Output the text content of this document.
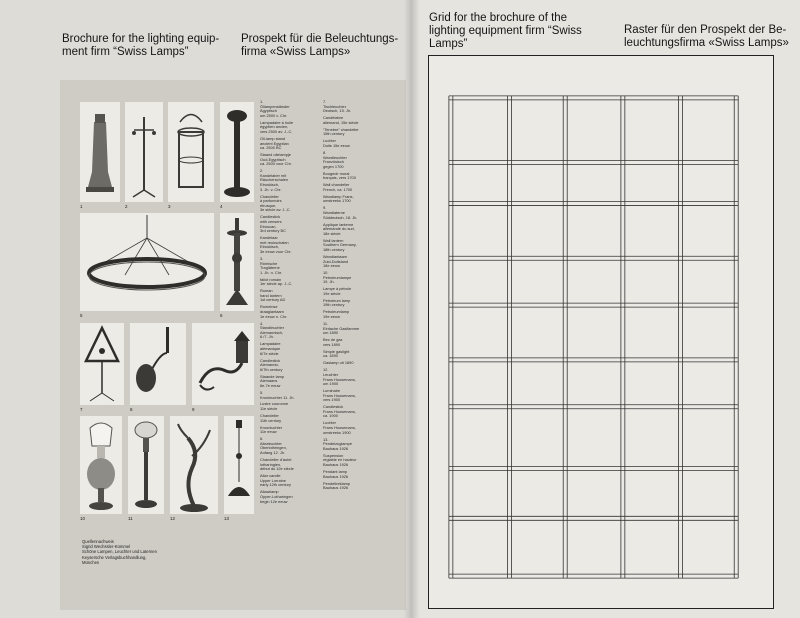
Brochure for the lighting equip-
ment firm “Swiss Lamps”
Prospekt für die Beleuchtungs-
firma «Swiss Lamps»
1	2	3	4
5	6
7	8	9
10	11	12	13
1.
Öllampenständer
Ägyptisch
um 2500 v. Chr.
Lampadaire à huile
égyptien ancien,
vers 2500 av. J.-C.
Oil-lamp stand
ancient Egyptian
ca. 2500 BC
Staand olielampje
Oud-Egyptisch
ca. 2500 voor Chr.
2.
Kandelaber mit
Räucherschalen
Etruskisch,
3. Jh. v. Chr.
Chandelier
à parfumoirs
étrusque,
3e siècle av. J.-C.
Candlestick
with censers
Etruscan,
3rd century BC
Kandelaar
met reukschalen
Etruskisch,
3e eeuw voor Chr.
3.
Römische
Tragläterne
1. Jh. n. Chr.
fallot romain
1er siècle ap. J.-C.
Roman
hand lantern
1st century AD
Romeinse
draaglantaarn
1e eeuw n. Chr.
4.
Standleuchter
Alemannisch,
6./7. Jh.
Lampadaire
alémanique
6/7e siècle
Candlestick
Alemannic,
6/7th century
Staande lamp
Alemaans
6e-7e eeuw
5.
Kronleuchter 11. Jh.
Lustre couronne
11e siècle
Chandelier
11th century
Kroonluchter
11e eeuw
6.
Altarleuchter
Oberlothringen,
Anfang 12. Jh.
Chandelier d’autel
lotharingien,
début du 12e siècle
Altar candle
Upper Lorraine
early 12th century
Altaarlamp
Opper-Lotharingen
begin 12e eeuw
7.
Tischleuchter
Deutsch, 15. Jh.
Candélabre
allemand, 15e siècle
“Tenebre” chandelier
15th century
Luchter
Duits 15e eeuw
8.
Wandleuchter
Französisch
gegen 1700
Bougeoir mural
français, vers 1700
Wall chandelier
French, ca. 1700
Wandlamp Frans,
omstreeks 1700
9.
Wandlaterne
Süddeutsch, 18. Jh.
Applique lanterne
allemande du sud,
18e siècle
Wall lantern
Southern Germany,
18th century
Wandlantaarn
Zuid-Duitsland
18e eeuw
10.
Petroleumlampe
19. Jh.
Lampe à pétrole
19e siècle
Petroleum lamp
19th century
Petroleumlamp
19e eeuw
11.
Einfache Gasflamme
um 1890
Bec de gaz
vers 1890
Simple gaslight
ca. 1890
Gaslamp uit 1890
12.
Leuchter
Frans Hoosemans,
um 1900
Luminaire
Frans Hoosemans,
vers 1900
Candlestick
Frans Hoosemans,
ca. 1900
Luchter
Frans Hoosemans,
omstreeks 1900
13.
Pendelzuglampe
Bauhaus 1926
Suspension
réglable en hauteur
Bauhaus 1926
Pendant lamp
Bauhaus 1926
Pendeltreklamp
Bauhaus 1926
Quellennachweis
Sigrid Wechssler-Kümmel
Schöne Lampen, Leuchter und Laternen
Keysersche Verlagsbuchhandlung,
München
Grid for the brochure of the
lighting equipment firm “Swiss
Lamps”
Raster für den Prospekt der Be-
leuchtungsfirma «Swiss Lamps»
